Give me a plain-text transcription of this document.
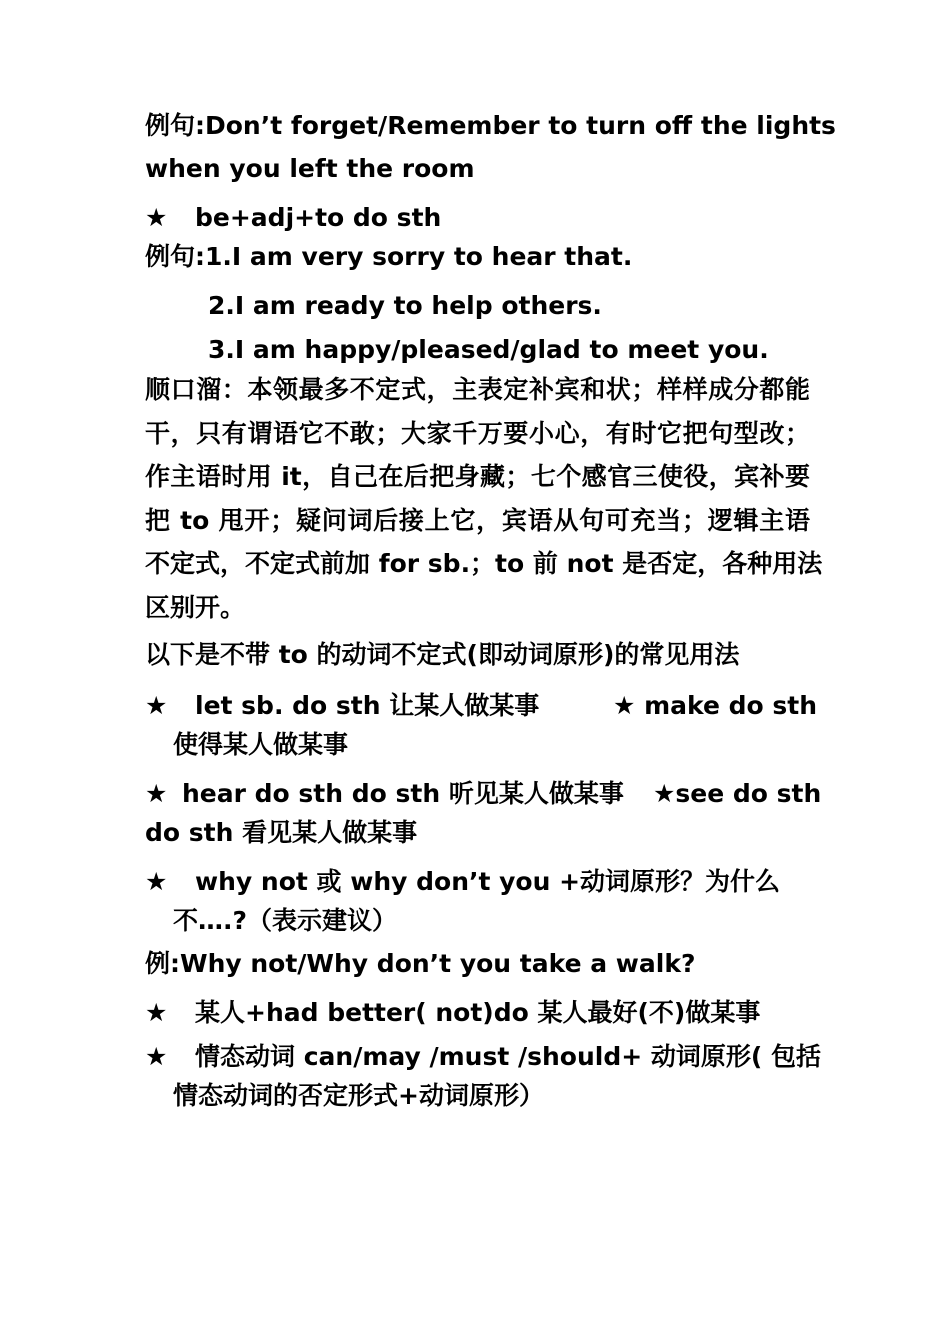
例句:Don’t forget/Remember to turn off the lights
when you left the room
★ be+adj+to do sth
例句:1.I am very sorry to hear that.
2.I am ready to help others.
3.I am happy/pleased/glad to meet you.
顺口溜：本领最多不定式，主表定补宾和状；样样成分都能
干，只有谓语它不敢；大家千万要小心，有时它把句型改；
作主语时用 it，自己在后把身藏；七个感官三使役，宾补要
把 to 甩开；疑问词后接上它，宾语从句可充当；逻辑主语
不定式，不定式前加 for sb.；to 前 not 是否定，各种用法
区别开。
以下是不带 to 的动词不定式(即动词原形)的常见用法
★ let sb. do sth 让某人做某事	★ make do sth
使得某人做某事
★ hear do sth do sth 听见某人做某事 ★see do sth
do sth 看见某人做某事
★ why not 或 why don’t you +动词原形？为什么
不….?（表示建议）
例:Why not/Why don’t you take a walk?
★ 某人+had better( not)do 某人最好(不)做某事
★ 情态动词 can/may /must /should+ 动词原形( 包括
情态动词的否定形式+动词原形）
